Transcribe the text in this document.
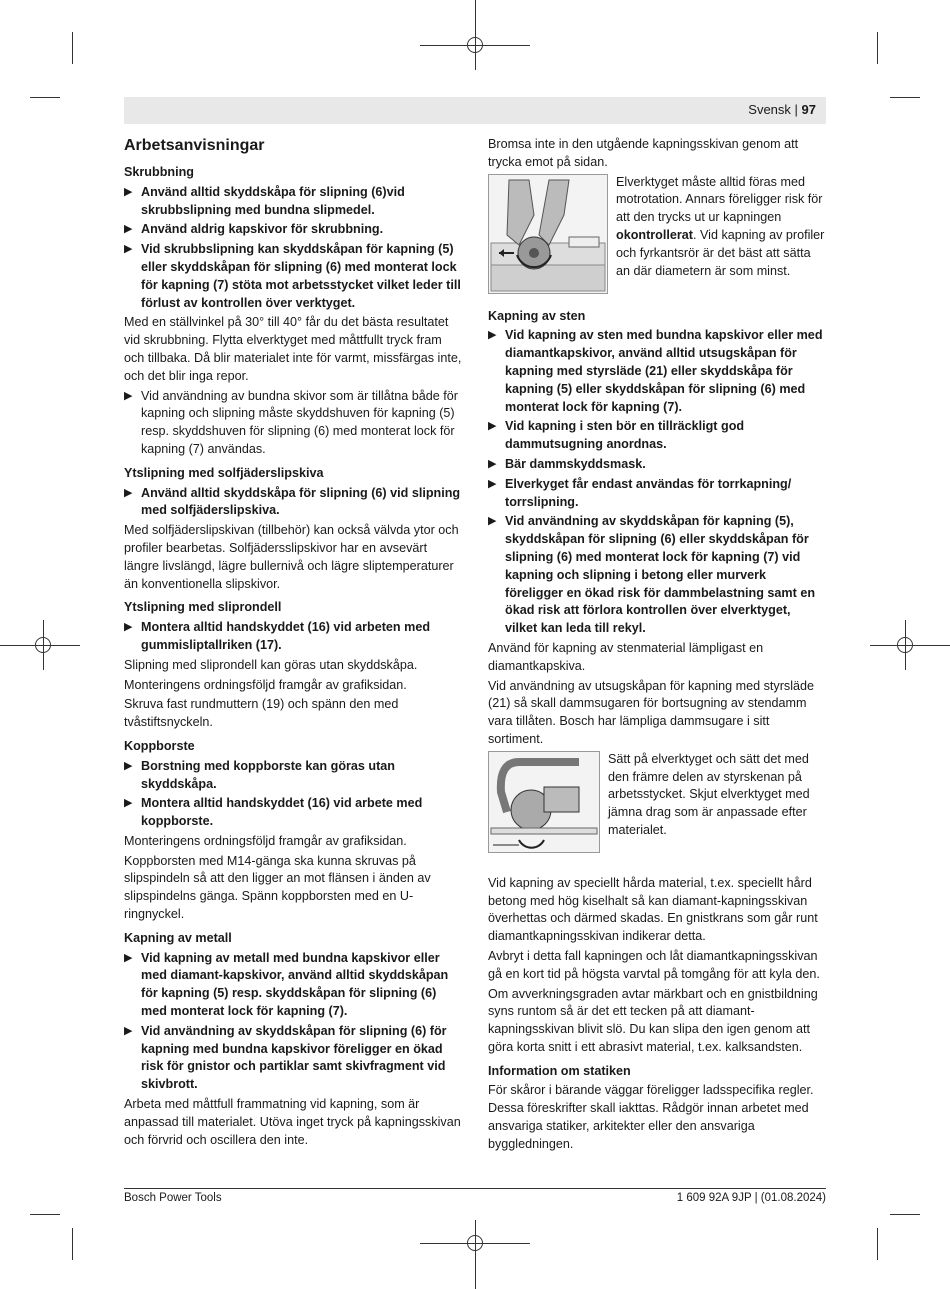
Svensk | 97
Arbetsanvisningar
Skrubbning
▶ Använd alltid skyddskåpa för slipning (6)vid skrubbslipning med bundna slipmedel.
▶ Använd aldrig kapskivor för skrubbning.
▶ Vid skrubbslipning kan skyddskåpan för kapning (5) eller skyddskåpan för slipning (6) med monterat lock för kapning (7) stöta mot arbetsstycket vilket leder till förlust av kontrollen över verktyget.
Med en ställvinkel på 30° till 40° får du det bästa resultatet vid skrubbning. Flytta elverktyget med måttfullt tryck fram och tillbaka. Då blir materialet inte för varmt, missfärgas inte, och det blir inga repor.
▶ Vid användning av bundna skivor som är tillåtna både för kapning och slipning måste skyddshuven för kapning (5) resp. skyddshuven för slipning (6) med monterat lock för kapning (7) användas.
Ytslipning med solfjäderslipskiva
▶ Använd alltid skyddskåpa för slipning (6) vid slipning med solfjäderslipskiva.
Med solfjäderslipskivan (tillbehör) kan också välvda ytor och profiler bearbetas. Solfjädersslipskivor har en avsevärt längre livslängd, lägre bullernivå och lägre sliptemperaturer än konventionella slipskivor.
Ytslipning med sliprondell
▶ Montera alltid handskyddet (16) vid arbeten med gummisliptallriken (17).
Slipning med sliprondell kan göras utan skyddskåpa.
Monteringens ordningsföljd framgår av grafiksidan.
Skruva fast rundmuttern (19) och spänn den med tvåstiftsnyckeln.
Koppborste
▶ Borstning med koppborste kan göras utan skyddskåpa.
▶ Montera alltid handskyddet (16) vid arbete med koppborste.
Monteringens ordningsföljd framgår av grafiksidan.
Koppborsten med M14-gänga ska kunna skruvas på slipspindeln så att den ligger an mot flänsen i änden av slipspindelns gänga. Spänn koppborsten med en U-ringnyckel.
Kapning av metall
▶ Vid kapning av metall med bundna kapskivor eller med diamant-kapskivor, använd alltid skyddskåpan för kapning (5) resp. skyddskåpan för slipning (6) med monterat lock för kapning (7).
▶ Vid användning av skyddskåpan för slipning (6) för kapning med bundna kapskivor föreligger en ökad risk för gnistor och partiklar samt skivfragment vid skivbrott.
Arbeta med måttfull frammatning vid kapning, som är anpassad till materialet. Utöva inget tryck på kapningsskivan och förvrid och oscillera den inte.
Bromsa inte in den utgående kapningsskivan genom att trycka emot på sidan.
Elverktyget måste alltid föras med motrotation. Annars föreligger risk för att den trycks ut ur kapningen okontrollerat. Vid kapning av profiler och fyrkantsrör är det bäst att sätta an där diametern är som minst.
Kapning av sten
▶ Vid kapning av sten med bundna kapskivor eller med diamantkapskivor, använd alltid utsugskåpan för kapning med styrsläde (21) eller skyddskåpa för kapning (5) eller skyddskåpan för slipning (6) med monterat lock för kapning (7).
▶ Vid kapning i sten bör en tillräckligt god dammutsugning anordnas.
▶ Bär dammskyddsmask.
▶ Elverkyget får endast användas för torrkapning/ torrslipning.
▶ Vid användning av skyddskåpan för kapning (5), skyddskåpan för slipning (6) eller skyddskåpan för slipning (6) med monterat lock för kapning (7) vid kapning och slipning i betong eller murverk föreligger en ökad risk för dammbelastning samt en ökad risk att förlora kontrollen över elverktyget, vilket kan leda till rekyl.
Använd för kapning av stenmaterial lämpligast en diamantkapskiva.
Vid användning av utsugskåpan för kapning med styrsläde (21) så skall dammsugaren för bortsugning av stendamm vara tillåten. Bosch har lämpliga dammsugare i sitt sortiment.
Sätt på elverktyget och sätt det med den främre delen av styrskenan på arbetsstycket. Skjut elverktyget med jämna drag som är anpassade efter materialet.
Vid kapning av speciellt hårda material, t.ex. speciellt hård betong med hög kiselhalt så kan diamant-kapningsskivan överhettas och därmed skadas. En gnistkrans som går runt diamantkapningsskivan indikerar detta.
Avbryt i detta fall kapningen och låt diamantkapningsskivan gå en kort tid på högsta varvtal på tomgång för att kyla den.
Om avverkningsgraden avtar märkbart och en gnistbildning syns runtom så är det ett tecken på att diamant-kapningsskivan blivit slö. Du kan slipa den igen genom att göra korta snitt i ett abrasivt material, t.ex. kalksandsten.
Information om statiken
För skåror i bärande väggar föreligger ladsspecifika regler. Dessa föreskrifter skall iakttas. Rådgör innan arbetet med ansvariga statiker, arkitekter eller den ansvariga byggledningen.
Bosch Power Tools	1 609 92A 9JP | (01.08.2024)
